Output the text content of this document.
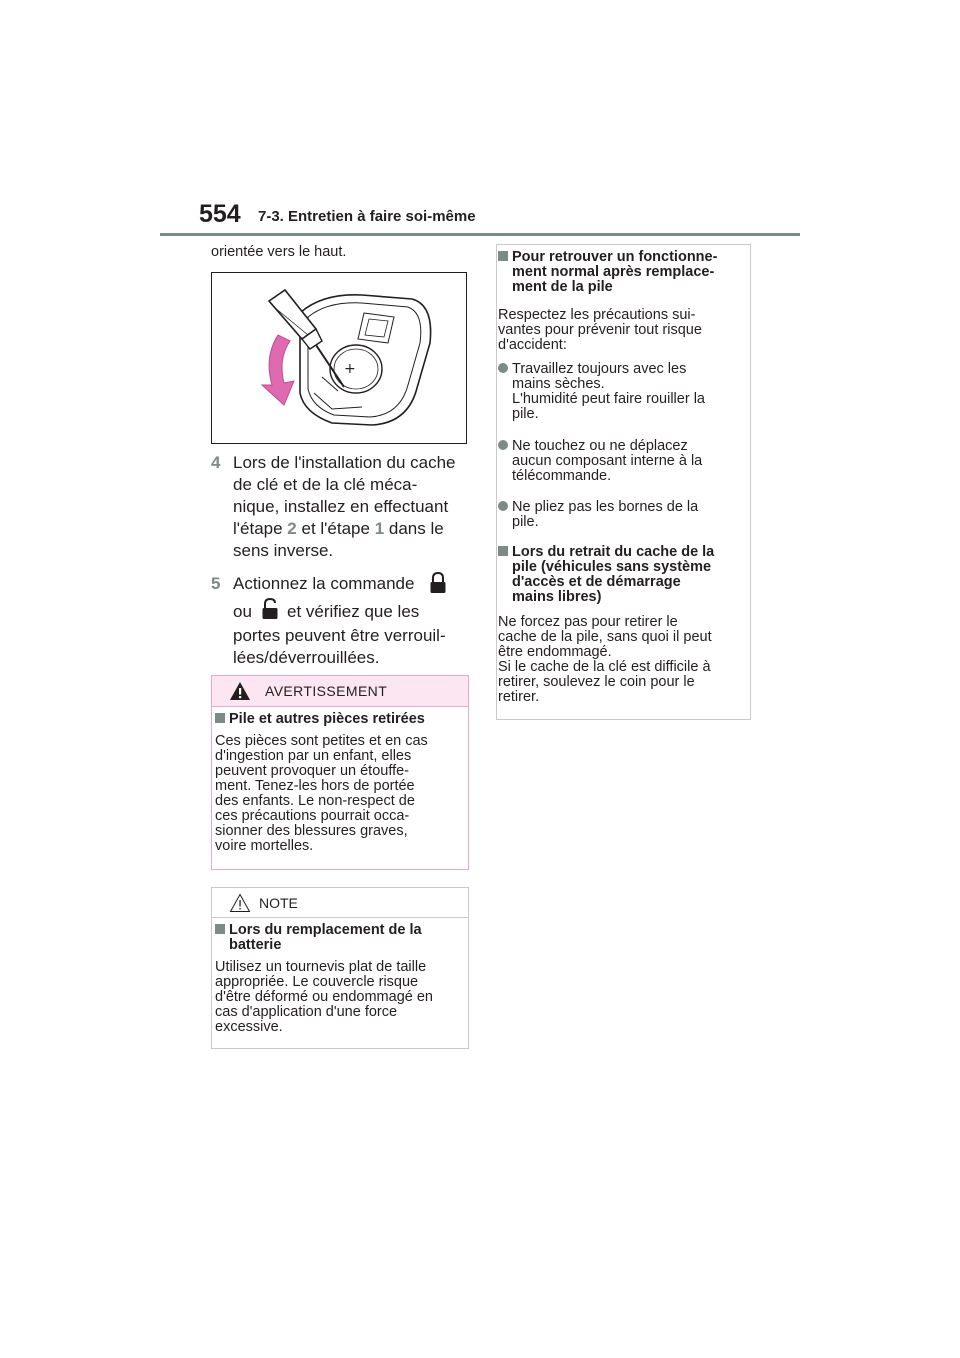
554 7-3. Entretien à faire soi-même
orientée vers le haut.
+
4 Lors de l'installation du cache
de clé et de la clé méca-
nique, installez en effectuant
l'étape 2 et l'étape 1 dans le
sens inverse.
5 Actionnez la commande
ou et vérifiez que les
portes peuvent être verrouil-
lées/déverrouillées.
AVERTISSEMENT
Pile et autres pièces retirées
Ces pièces sont petites et en cas
d'ingestion par un enfant, elles
peuvent provoquer un étouffe-
ment. Tenez-les hors de portée
des enfants. Le non-respect de
ces précautions pourrait occa-
sionner des blessures graves,
voire mortelles.
NOTE
Lors du remplacement de la
batterie
Utilisez un tournevis plat de taille
appropriée. Le couvercle risque
d'être déformé ou endommagé en
cas d'application d'une force
excessive.
Pour retrouver un fonctionne-
ment normal après remplace-
ment de la pile
Respectez les précautions sui-
vantes pour prévenir tout risque
d'accident:
Travaillez toujours avec les
mains sèches.
L'humidité peut faire rouiller la
pile.
Ne touchez ou ne déplacez
aucun composant interne à la
télécommande.
Ne pliez pas les bornes de la
pile.
Lors du retrait du cache de la
pile (véhicules sans système
d'accès et de démarrage
mains libres)
Ne forcez pas pour retirer le
cache de la pile, sans quoi il peut
être endommagé.
Si le cache de la clé est difficile à
retirer, soulevez le coin pour le
retirer.
